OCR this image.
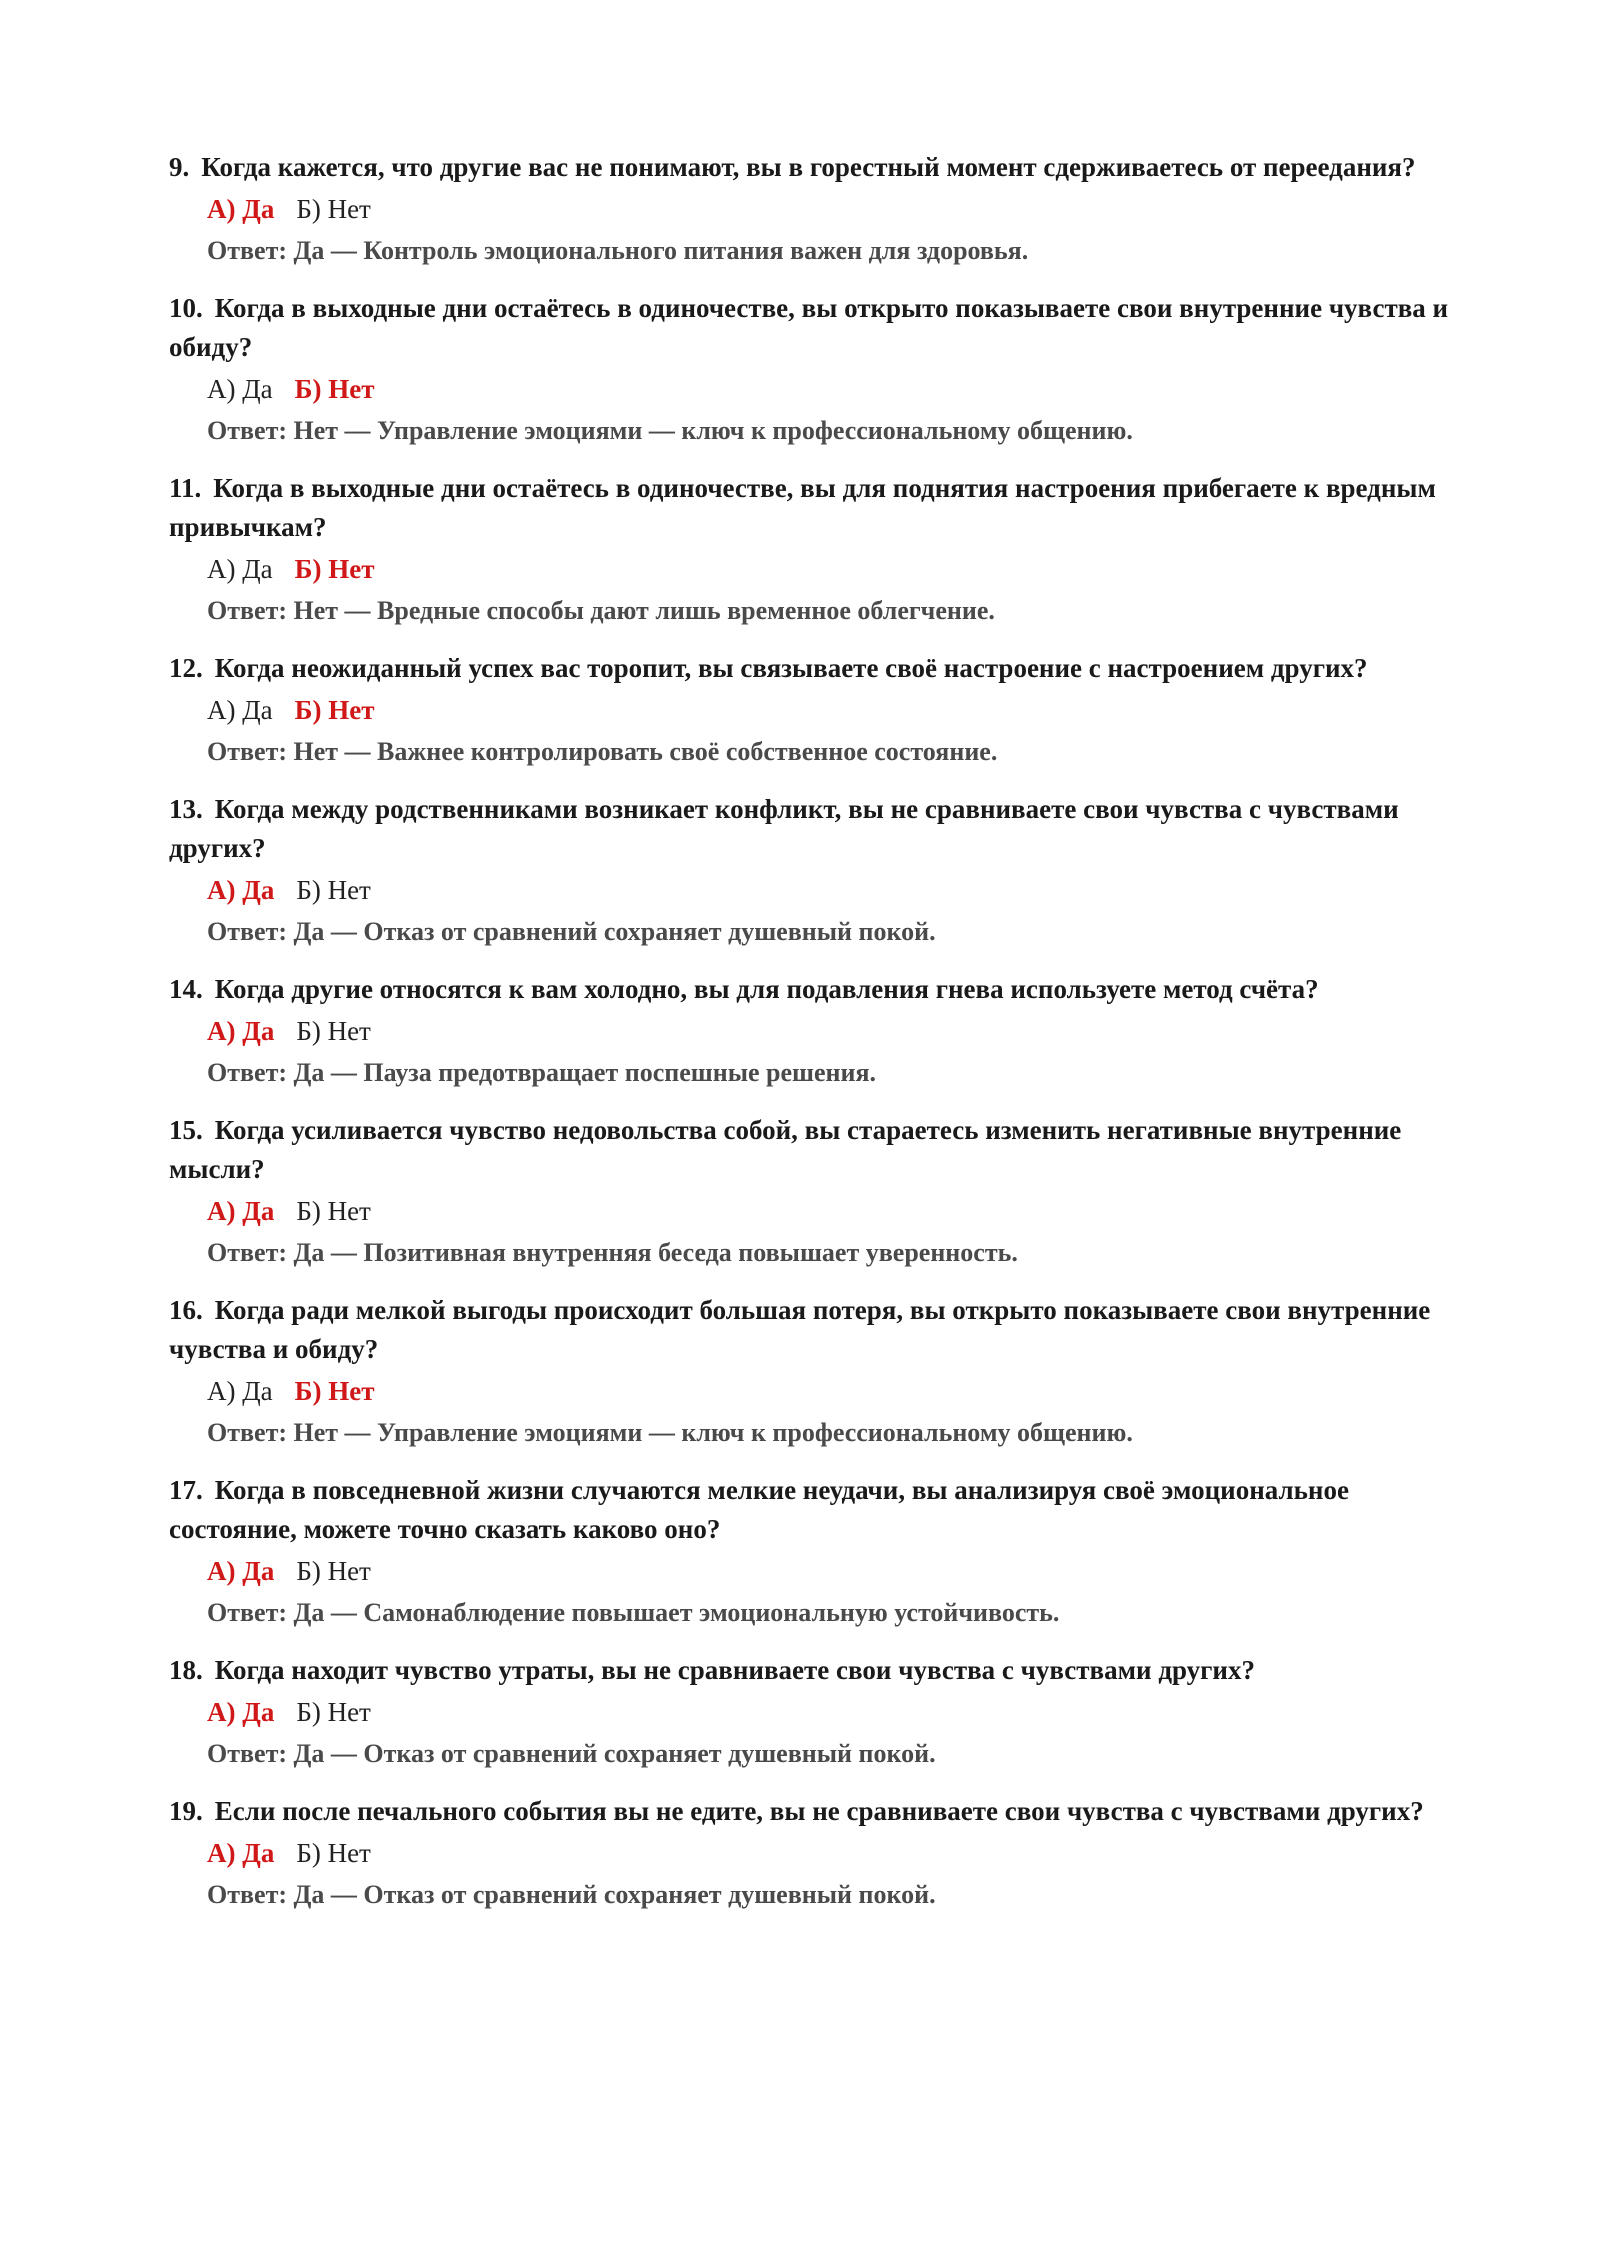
9. Когда кажется, что другие вас не понимают, вы в горестный момент сдерживаетесь от переедания?

А) Да Б) Нет
Ответ: Да — Контроль эмоционального питания важен для здоровья.

10. Когда в выходные дни остаётесь в одиночестве, вы открыто показываете свои внутренние чувства и обиду?

А) Да Б) Нет
Ответ: Нет — Управление эмоциями — ключ к профессиональному общению.

11. Когда в выходные дни остаётесь в одиночестве, вы для поднятия настроения прибегаете к вредным привычкам?

А) Да Б) Нет
Ответ: Нет — Вредные способы дают лишь временное облегчение.

12. Когда неожиданный успех вас торопит, вы связываете своё настроение с настроением других?

А) Да Б) Нет
Ответ: Нет — Важнее контролировать своё собственное состояние.

13. Когда между родственниками возникает конфликт, вы не сравниваете свои чувства с чувствами других?

А) Да Б) Нет
Ответ: Да — Отказ от сравнений сохраняет душевный покой.

14. Когда другие относятся к вам холодно, вы для подавления гнева используете метод счёта?

А) Да Б) Нет
Ответ: Да — Пауза предотвращает поспешные решения.

15. Когда усиливается чувство недовольства собой, вы стараетесь изменить негативные внутренние мысли?

А) Да Б) Нет
Ответ: Да — Позитивная внутренняя беседа повышает уверенность.

16. Когда ради мелкой выгоды происходит большая потеря, вы открыто показываете свои внутренние чувства и обиду?

А) Да Б) Нет
Ответ: Нет — Управление эмоциями — ключ к профессиональному общению.

17. Когда в повседневной жизни случаются мелкие неудачи, вы анализируя своё эмоциональное состояние, можете точно сказать каково оно?

А) Да Б) Нет
Ответ: Да — Самонаблюдение повышает эмоциональную устойчивость.

18. Когда находит чувство утраты, вы не сравниваете свои чувства с чувствами других?

А) Да Б) Нет
Ответ: Да — Отказ от сравнений сохраняет душевный покой.

19. Если после печального события вы не едите, вы не сравниваете свои чувства с чувствами других?

А) Да Б) Нет
Ответ: Да — Отказ от сравнений сохраняет душевный покой.
